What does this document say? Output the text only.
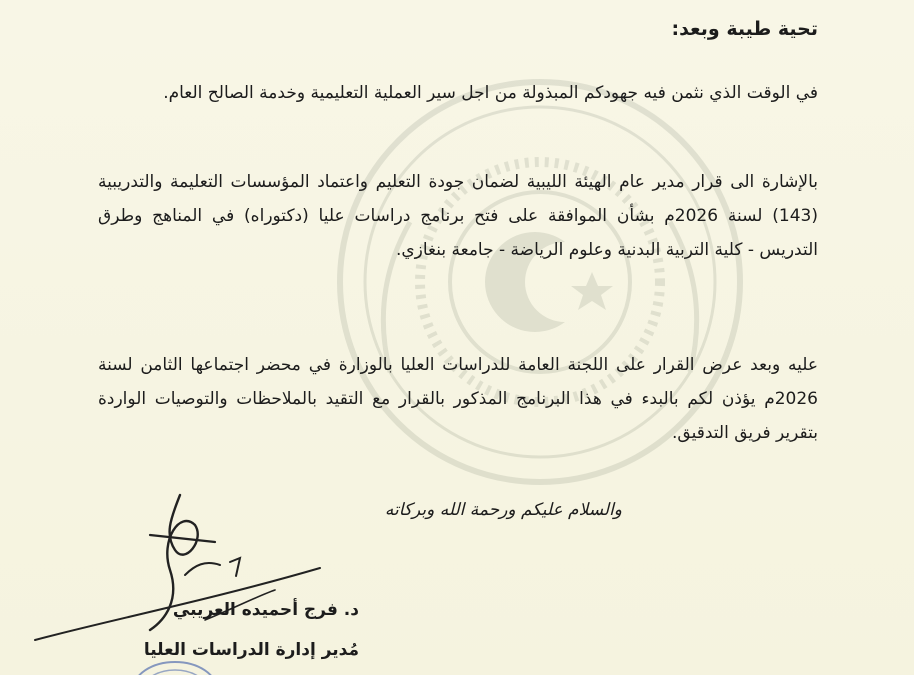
تحية طيبة وبعد:
في الوقت الذي نثمن فيه جهودكم المبذولة من اجل سير العملية التعليمية وخدمة الصالح العام.
بالإشارة الى قرار مدير عام الهيئة الليبية لضمان جودة التعليم واعتماد المؤسسات التعليمة والتدريبية (143) لسنة 2026م بشأن الموافقة على فتح برنامج دراسات عليا (دكتوراه) في المناهج وطرق التدريس - كلية التربية البدنية وعلوم الرياضة - جامعة بنغازي.
عليه وبعد عرض القرار على اللجنة العامة للدراسات العليا بالوزارة في محضر اجتماعها الثامن لسنة 2026م يؤذن لكم بالبدء في هذا البرنامج المذكور بالقرار مع التقيد بالملاحظات والتوصيات الواردة بتقرير فريق التدقيق.
والسلام عليكم ورحمة الله وبركاته
د. فرج أحميده العريبي
مُدير إدارة الدراسات العليا
